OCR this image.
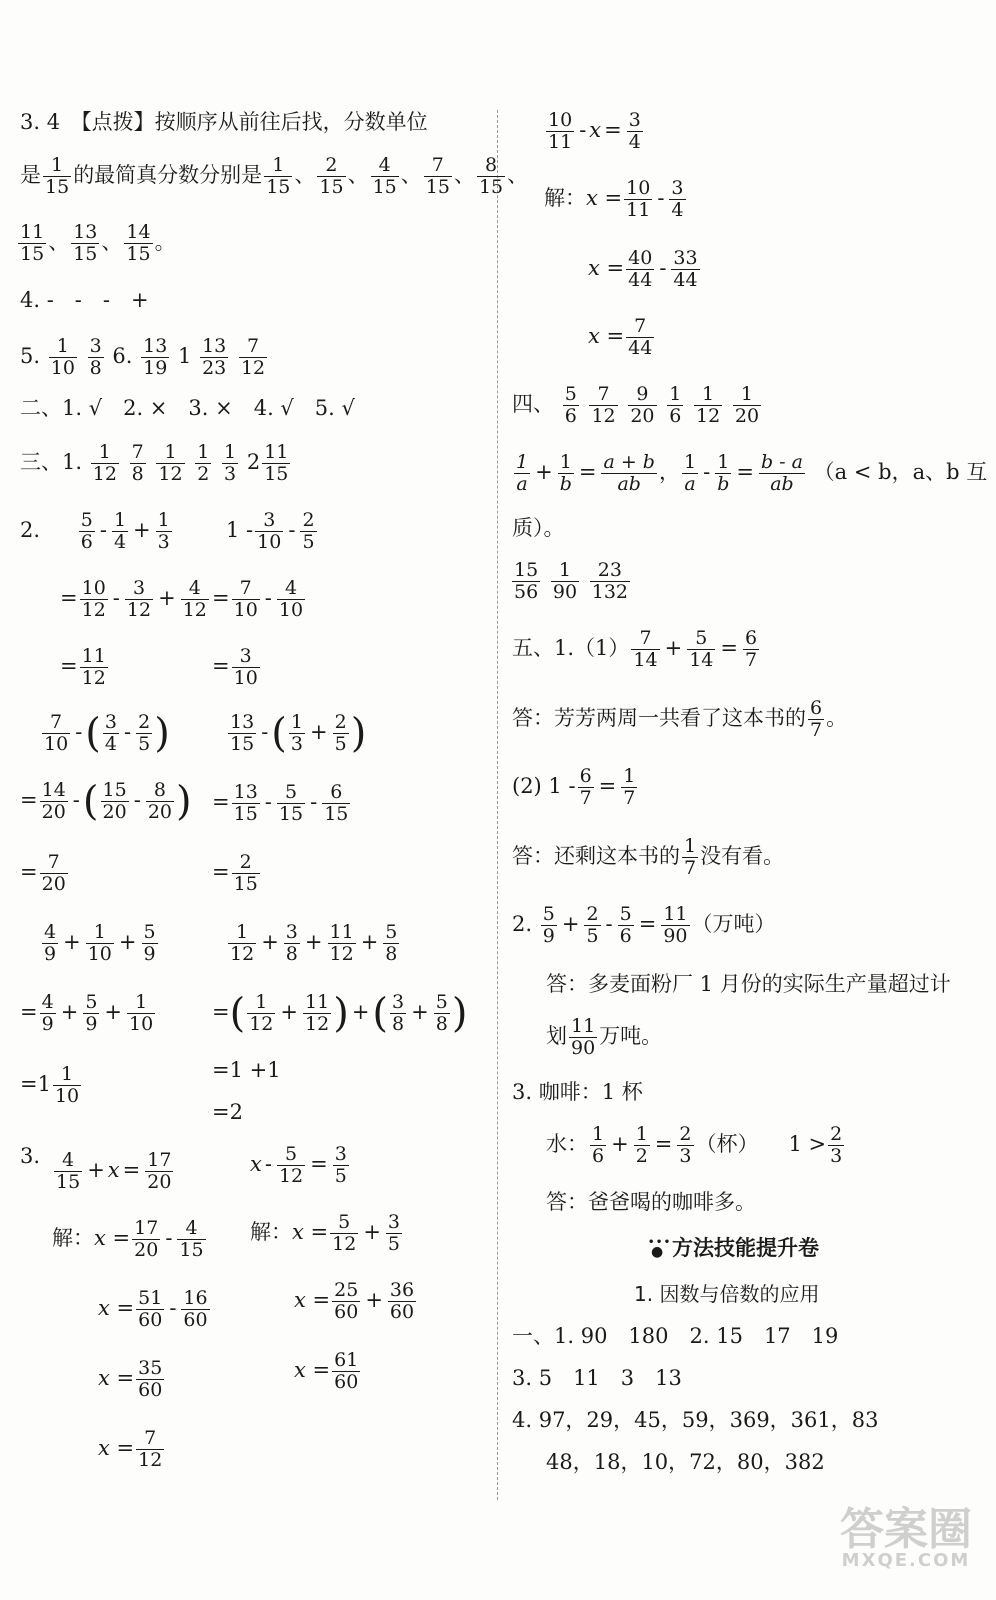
3. 4　【点拨】按顺序从前往后找，分数单位
是 $\frac{1}{15}$ 的最简真分数分别是 $\frac{1}{15}$ 、 $\frac{2}{15}$ 、 $\frac{4}{15}$ 、 $\frac{7}{15}$ 、 $\frac{8}{15}$ 、
$\frac{11}{15}$ 、 $\frac{13}{15}$ 、 $\frac{14}{15}$ 。
4. -　-　-　+
5. $\frac{1}{10}$
$\frac{3}{8} 6$. $\frac{13}{19} 1 \frac{13}{23}$
$\frac{7}{12}$
二、1. √　2. ×　3. ×　4. √　5. √
三、1. $\frac{1}{12}$
$\frac{7}{8}$
$\frac{1}{12}$
$\frac{1}{2}$
$\frac{1}{3} 2 \frac{11}{15}$
2. $\frac{5}{6} - \frac{1}{4} + \frac{1}{3}$
= $\frac{10}{12} - \frac{3}{12} + \frac{4}{12}$
= $\frac{11}{12}$
$1 - \frac{3}{10} - \frac{2}{5}$
= $\frac{7}{10} - \frac{4}{10}$
= $\frac{3}{10}$
$\frac{7}{10}$ -( $\frac{3}{4} - \frac{2}{5}$ )
= $\frac{14}{20}$ -( $\frac{15}{20} - \frac{8}{20}$ )
= $\frac{7}{20}$
$\frac{13}{15}$ -( $\frac{1}{3} + \frac{2}{5}$ )
= $\frac{13}{15} - \frac{5}{15} - \frac{6}{15}$
= $\frac{2}{15}$
$\frac{4}{9} + \frac{1}{10} + \frac{5}{9}$
= $\frac{4}{9} + \frac{5}{9} + \frac{1}{10}$
$=1 \frac{1}{10}$
$\frac{1}{12} + \frac{3}{8} + \frac{11}{12} + \frac{5}{8}$
=( $\frac{1}{12} + \frac{11}{12}$ ) +( $\frac{3}{8} + \frac{5}{8}$ )
=1 +1
=2
3. $\frac{4}{15} + x = \frac{17}{20}$
解：$x = \frac{17}{20} - \frac{4}{15}$
$x = \frac{51}{60} - \frac{16}{60}$
$x = \frac{35}{60}$
$x = \frac{7}{12}$
$x - \frac{5}{12} = \frac{3}{5}$
解：$x = \frac{5}{12} + \frac{3}{5}$
$x = \frac{25}{60} + \frac{36}{60}$
$x = \frac{61}{60}$
$\frac{10}{11} - x = \frac{3}{4}$
解：$x = \frac{10}{11} - \frac{3}{4}$
$x = \frac{40}{44} - \frac{33}{44}$
$x = \frac{7}{44}$
四、 $\frac{5}{6}$
$\frac{7}{12}$
$\frac{9}{20}$
$\frac{1}{6}$
$\frac{1}{12}$
$\frac{1}{20}$
$\frac{1}{a} + \frac{1}{b} = \frac{a + b}{ab}$ ， $\frac{1}{a} - \frac{1}{b} = \frac{b - a}{ab} (a < b$，a、b 互
质）。
$\frac{15}{56}$
$\frac{1}{90}$
$\frac{23}{132}$
五、$1.(1) \frac{7}{14} + \frac{5}{14} = \frac{6}{7}$
答：芳芳两周一共看了这本书的 $\frac{6}{7}$ 。
(2) $1 - \frac{6}{7} = \frac{1}{7}$
答：还剩这本书的 $\frac{1}{7}$ 没有看。
2. $\frac{5}{9} + \frac{2}{5} - \frac{5}{6} = \frac{11}{90}$ （万吨）
答：多麦面粉厂 1 月份的实际生产量超过计
划 $\frac{11}{90}$ 万吨。
3. 咖啡：1 杯
水： $\frac{1}{6} + \frac{1}{2} = \frac{2}{3}$ （杯） $1 > \frac{2}{3}$
答：爸爸喝的咖啡多。
● • • •方法技能提升卷
1. 因数与倍数的应用
一、1. 90　180　2. 15　17　19
3. 5　11　3　13
4. 97，29，45，59，369，361，83
48，18，10，72，80，382
答案圈
MXQE.COM
